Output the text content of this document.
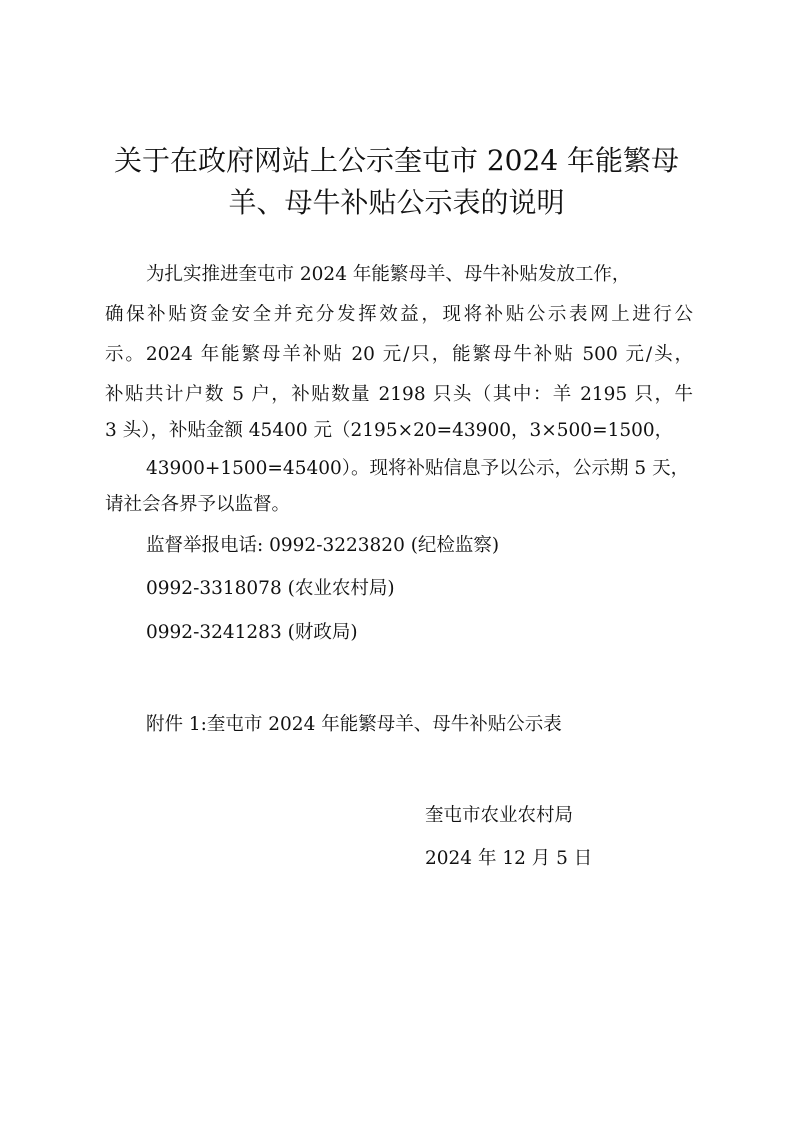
关于在政府网站上公示奎屯市 2024 年能繁母
羊、母牛补贴公示表的说明

为扎实推进奎屯市 2024 年能繁母羊、母牛补贴发放工作，

确保补贴资金安全并充分发挥效益，现将补贴公示表网上进行公

示。2024 年能繁母羊补贴 20 元/只，能繁母牛补贴 500 元/头，

补贴共计户数 5 户，补贴数量 2198 只头（其中：羊 2195 只，牛

3 头），补贴金额 45400 元（2195×20=43900，3×500=1500，

43900+1500=45400）。现将补贴信息予以公示，公示期 5 天，

请社会各界予以监督。

监督举报电话: 0992-3223820 (纪检监察)

0992-3318078 (农业农村局)

0992-3241283 (财政局)

附件 1:奎屯市 2024 年能繁母羊、母牛补贴公示表

奎屯市农业农村局
2024 年 12 月 5 日
